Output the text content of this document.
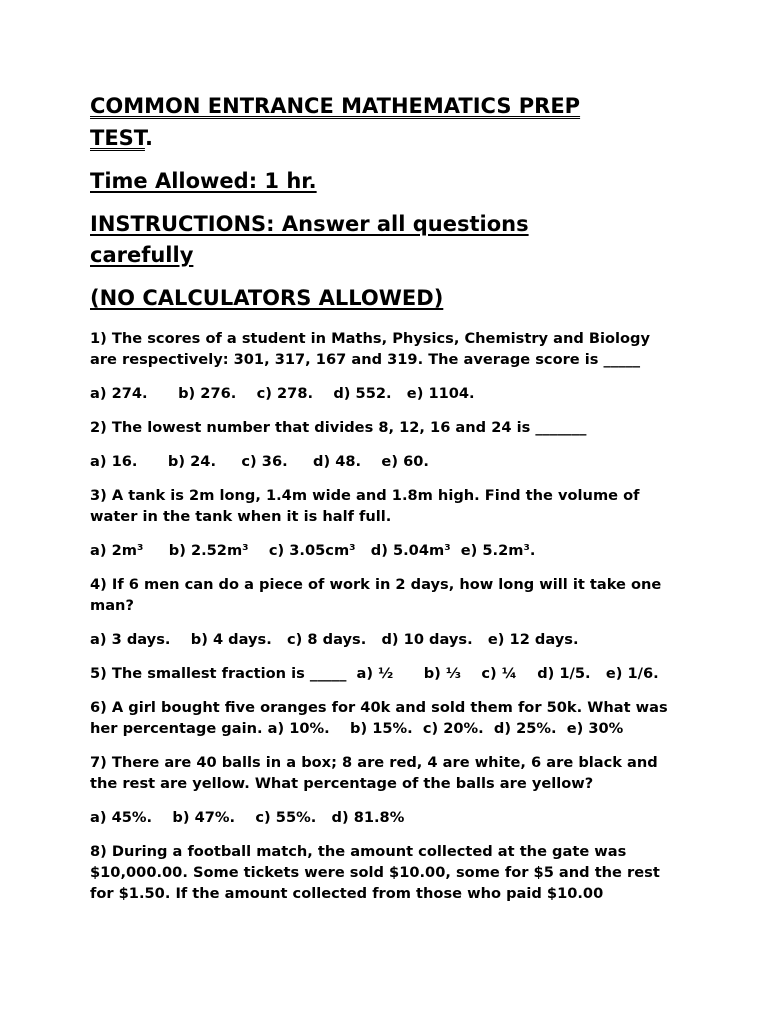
COMMON ENTRANCE MATHEMATICS PREP

TEST.

Time Allowed: 1 hr.

INSTRUCTIONS: Answer all questions carefully

(NO CALCULATORS ALLOWED)

1) The scores of a student in Maths, Physics, Chemistry and Biology are respectively: 301, 317, 167 and 319. The average score is _____

a) 274.      b) 276.    c) 278.    d) 552.   e) 1104.

2) The lowest number that divides 8, 12, 16 and 24 is _______

a) 16.      b) 24.     c) 36.     d) 48.    e) 60.

3) A tank is 2m long, 1.4m wide and 1.8m high. Find the volume of water in the tank when it is half full.

a) 2m³     b) 2.52m³    c) 3.05cm³   d) 5.04m³  e) 5.2m³.

4) If 6 men can do a piece of work in 2 days, how long will it take one man?

a) 3 days.    b) 4 days.   c) 8 days.   d) 10 days.   e) 12 days.

5) The smallest fraction is _____  a) ½      b) ⅓    c) ¼    d) 1/5.   e) 1/6.

6) A girl bought five oranges for 40k and sold them for 50k. What was her percentage gain. a) 10%.    b) 15%.  c) 20%.  d) 25%.  e) 30%

7) There are 40 balls in a box; 8 are red, 4 are white, 6 are black and the rest are yellow. What percentage of the balls are yellow?

a) 45%.    b) 47%.    c) 55%.   d) 81.8%

8) During a football match, the amount collected at the gate was $10,000.00. Some tickets were sold $10.00, some for $5 and the rest for $1.50. If the amount collected from those who paid $10.00
